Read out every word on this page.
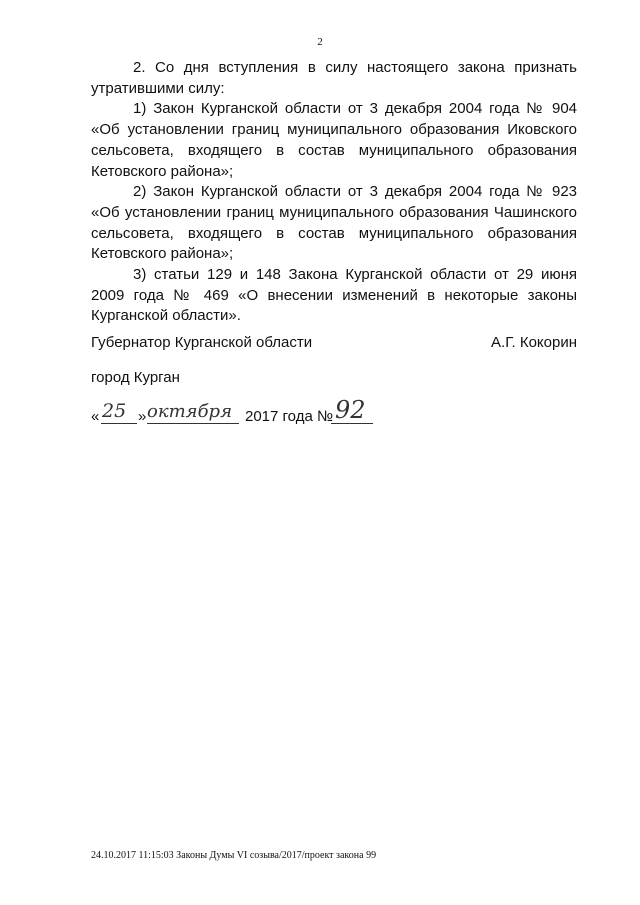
2

2. Со дня вступления в силу настоящего закона признать утратившими силу:

1) Закон Курганской области от 3 декабря 2004 года № 904 «Об установлении границ муниципального образования Иковского сельсовета, входящего в состав муниципального образования Кетовского района»;

2) Закон Курганской области от 3 декабря 2004 года № 923 «Об установлении границ муниципального образования Чашинского сельсовета, входящего в состав муниципального образования Кетовского района»;

3) статьи 129 и 148 Закона Курганской области от 29 июня 2009 года № 469 «О внесении изменений в некоторые законы Курганской области».

Губернатор Курганской области	А.Г. Кокорин
город Курган
« 25 » октября 2017 года № 92
24.10.2017 11:15:03 Законы Думы VI созыва/2017/проект закона 99
